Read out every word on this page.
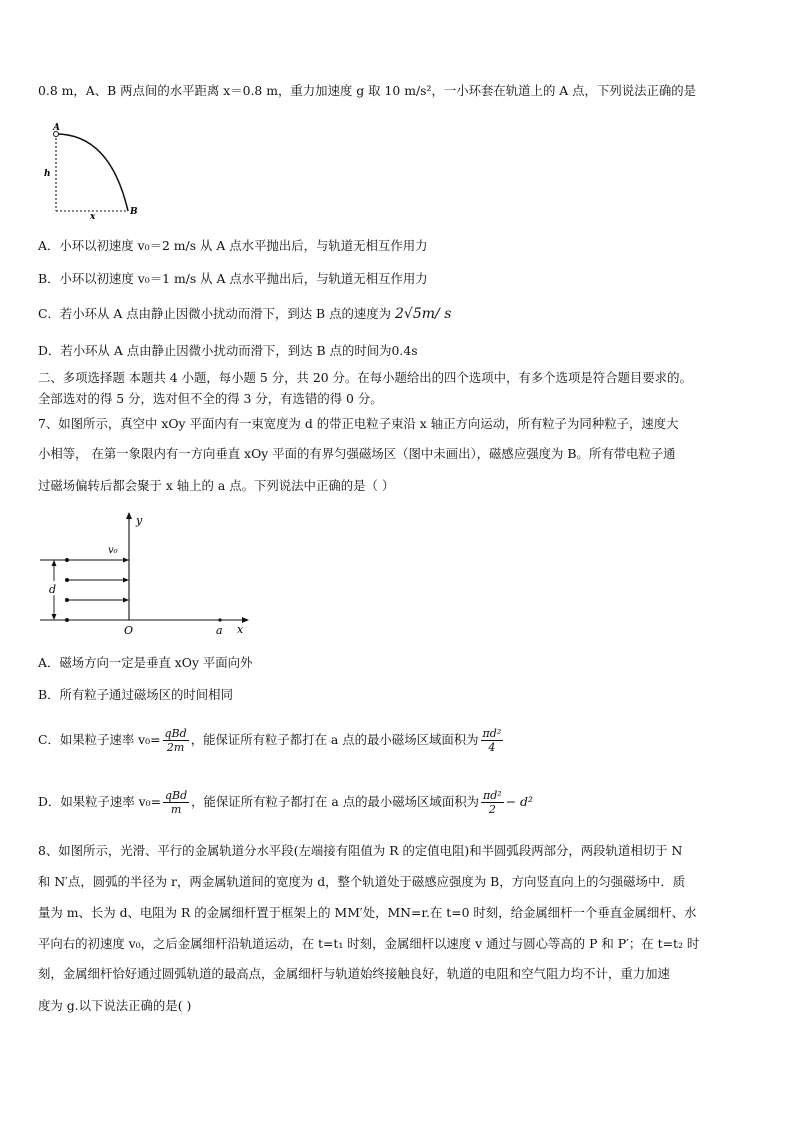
0.8 m，A、B 两点间的水平距离 x＝0.8 m，重力加速度 g 取 10 m/s²，一小环套在轨道上的 A 点，下列说法正确的是
A
h
x	B
A．小环以初速度 v₀＝2 m/s 从 A 点水平抛出后，与轨道无相互作用力
B．小环以初速度 v₀＝1 m/s 从 A 点水平抛出后，与轨道无相互作用力
C．若小环从 A 点由静止因微小扰动而滑下，到达 B 点的速度为 2√5m/ s
D．若小环从 A 点由静止因微小扰动而滑下，到达 B 点的时间为0.4s
二、多项选择题 本题共 4 小题，每小题 5 分，共 20 分。在每小题给出的四个选项中，有多个选项是符合题目要求的。
全部选对的得 5 分，选对但不全的得 3 分，有选错的得 0 分。
7、如图所示，真空中 xOy 平面内有一束宽度为 d 的带正电粒子束沿 x 轴正方向运动，所有粒子为同种粒子，速度大
小相等， 在第一象限内有一方向垂直 xOy 平面的有界匀强磁场区（图中未画出），磁感应强度为 B。所有带电粒子通
过磁场偏转后都会聚于 x 轴上的 a 点。下列说法中正确的是（ ）
y
x
O	a
v₀
d
A．磁场方向一定是垂直 xOy 平面向外
B．所有粒子通过磁场区的时间相同
C．如果粒子速率 $v_0= \frac{\text{qBd}}{2m}$ ，能保证所有粒子都打在 a 点的最小磁场区域面积为 $\frac{\text{πd²}}{4}$
D．如果粒子速率 $v_0= \frac{\text{qBd}}{m}$ ，能保证所有粒子都打在 a 点的最小磁场区域面积为 $\frac{\text{πd²}}{2} - d^2$
8、如图所示，光滑、平行的金属轨道分水平段(左端接有阻值为 R 的定值电阻)和半圆弧段两部分，两段轨道相切于 N
和 N′点，圆弧的半径为 r，两金属轨道间的宽度为 d，整个轨道处于磁感应强度为 B，方向竖直向上的匀强磁场中．质
量为 m、长为 d、电阻为 R 的金属细杆置于框架上的 MM′处，MN=r.在 t=0 时刻，给金属细杆一个垂直金属细杆、水
平向右的初速度 v₀，之后金属细杆沿轨道运动，在 t=t₁ 时刻，金属细杆以速度 v 通过与圆心等高的 P 和 P′；在 t=t₂ 时
刻，金属细杆恰好通过圆弧轨道的最高点，金属细杆与轨道始终接触良好，轨道的电阻和空气阻力均不计，重力加速
度为 g.以下说法正确的是( )
